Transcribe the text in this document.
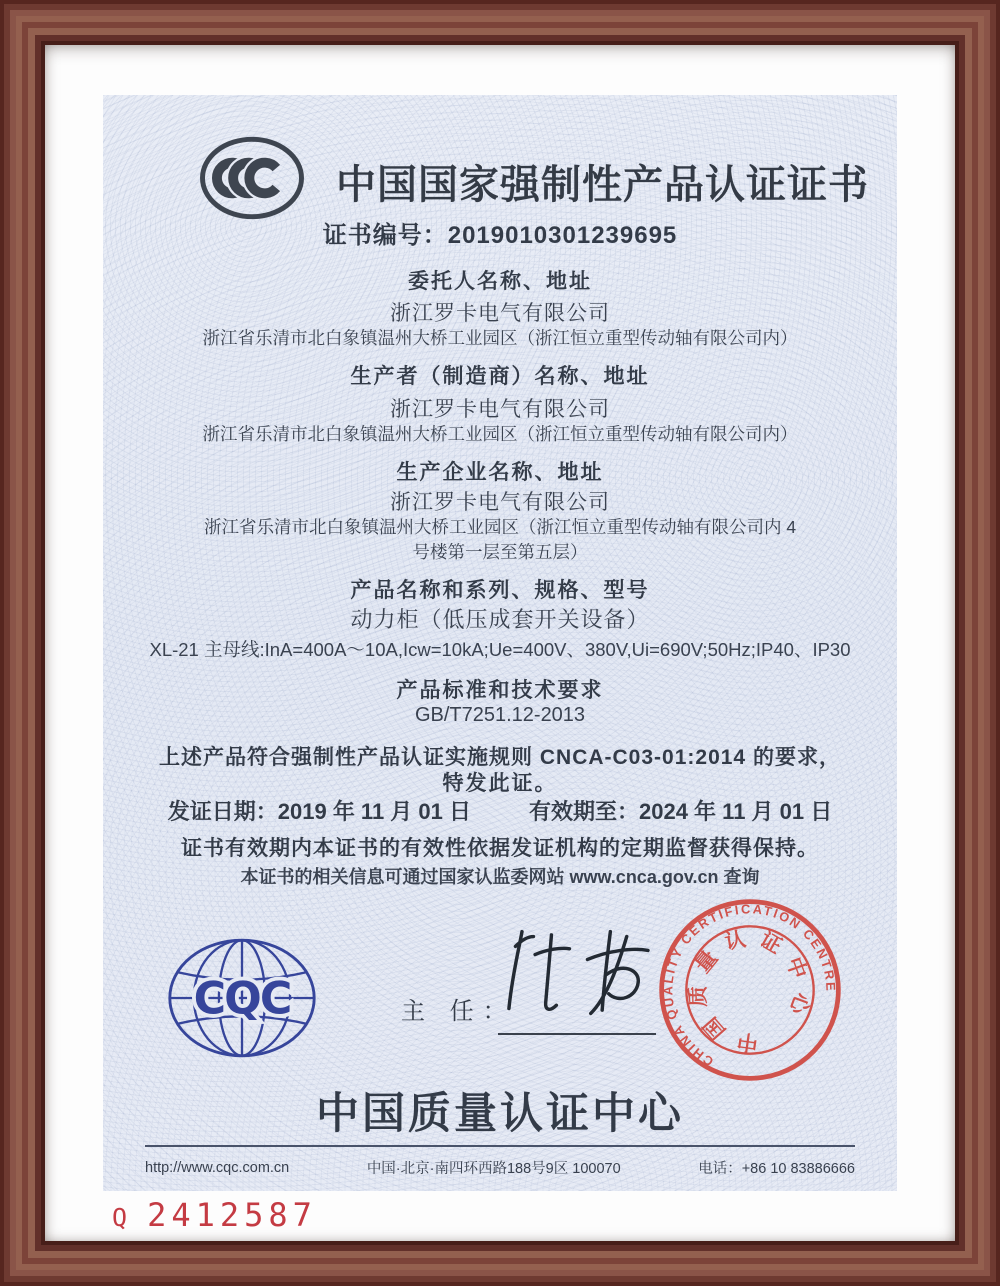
中国国家强制性产品认证证书
证书编号：2019010301239695
委托人名称、地址
浙江罗卡电气有限公司
浙江省乐清市北白象镇温州大桥工业园区（浙江恒立重型传动轴有限公司内）
生产者（制造商）名称、地址
浙江罗卡电气有限公司
浙江省乐清市北白象镇温州大桥工业园区（浙江恒立重型传动轴有限公司内）
生产企业名称、地址
浙江罗卡电气有限公司
浙江省乐清市北白象镇温州大桥工业园区（浙江恒立重型传动轴有限公司内 4
号楼第一层至第五层）
产品名称和系列、规格、型号
动力柜（低压成套开关设备）
XL-21 主母线:InA=400A～10A,Icw=10kA;Ue=400V、380V,Ui=690V;50Hz;IP40、IP30
产品标准和技术要求
GB/T7251.12-2013
上述产品符合强制性产品认证实施规则 CNCA-C03-01:2014 的要求，
特发此证。
发证日期：2019 年 11 月 01 日	有效期至：2024 年 11 月 01 日
证书有效期内本证书的有效性依据发证机构的定期监督获得保持。
本证书的相关信息可通过国家认监委网站 www.cnca.gov.cn 查询
CQC	主 任：
CHINA QUALITY CERTIFICATION CENTRE
中国质量认证中心
中国质量认证中心
http://www.cqc.com.cn	中国·北京·南四环西路188号9区 100070	电话：+86 10 83886666
Q 2412587
